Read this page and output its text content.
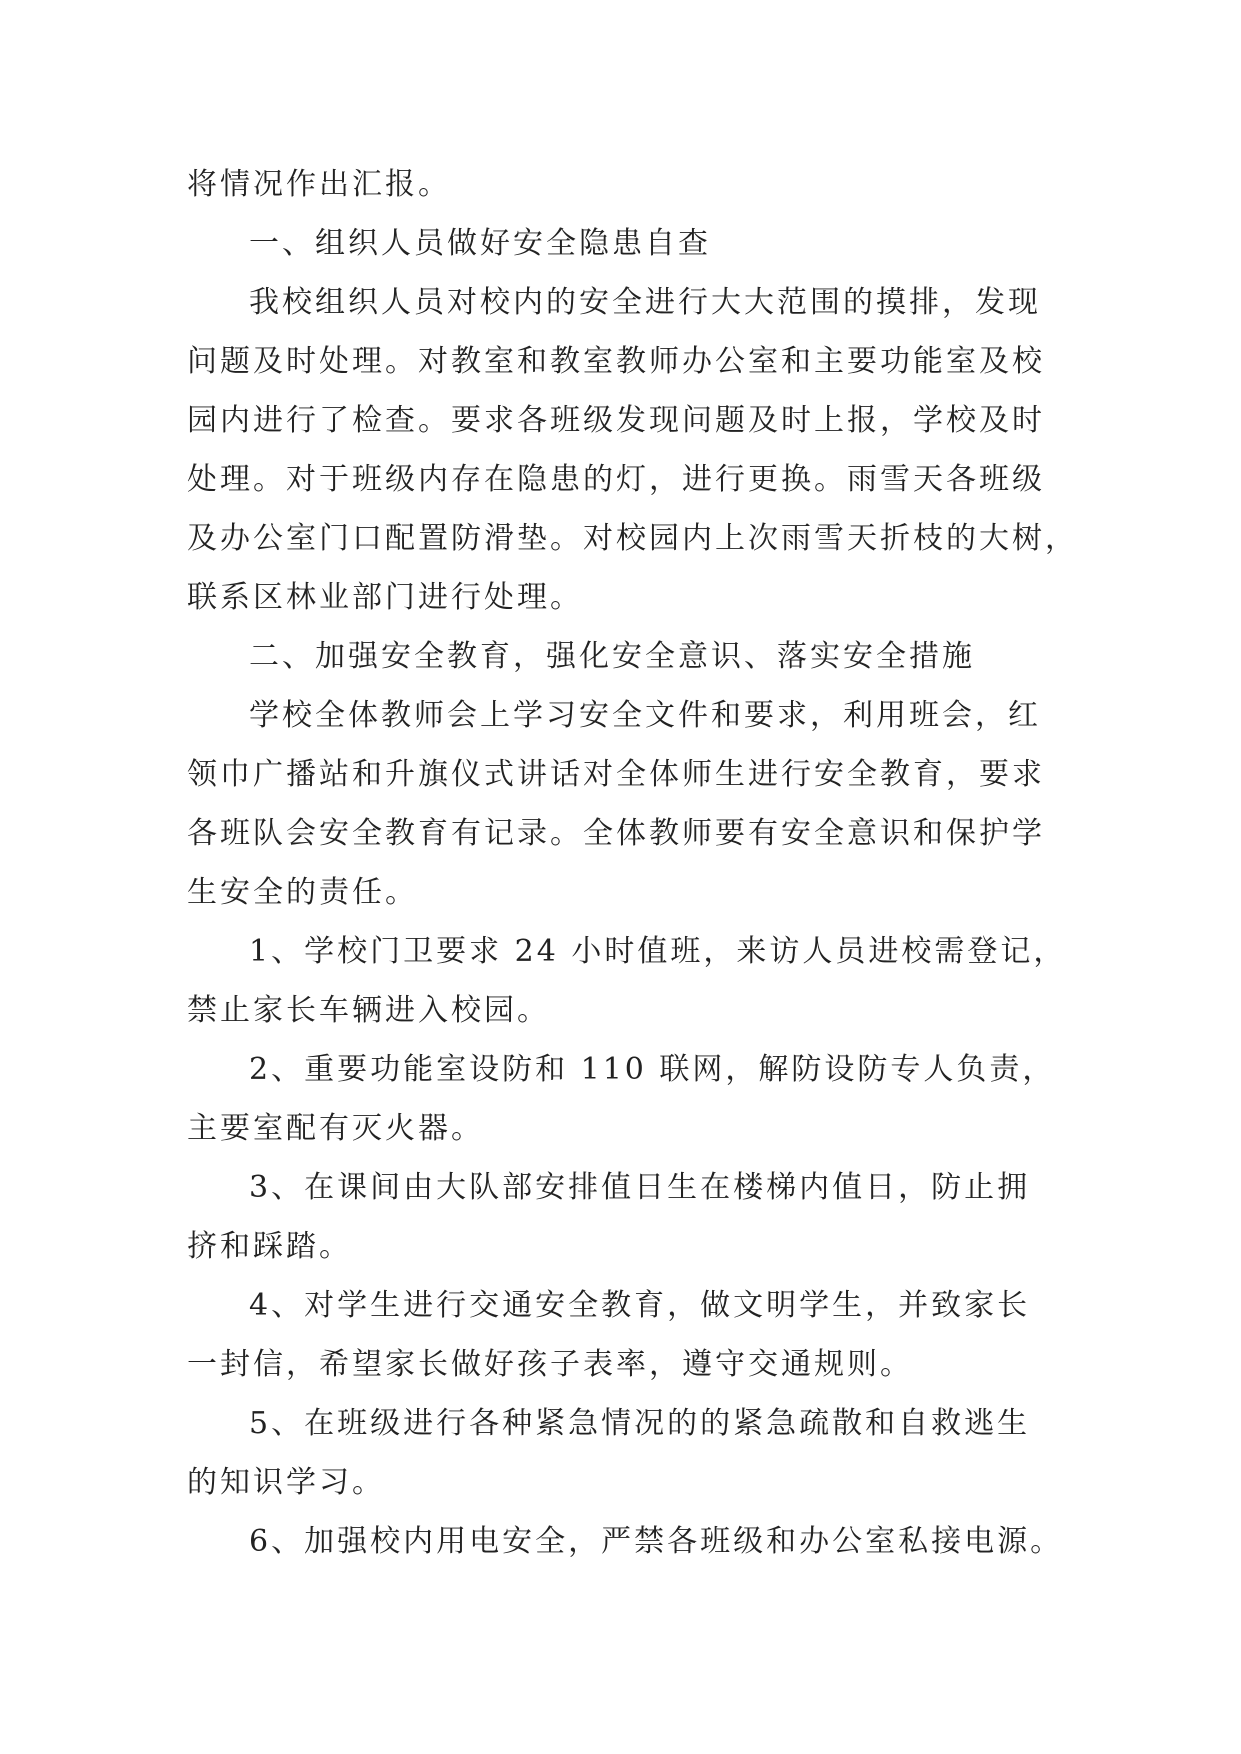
将情况作出汇报。
一、组织人员做好安全隐患自查
我校组织人员对校内的安全进行大大范围的摸排，发现
问题及时处理。对教室和教室教师办公室和主要功能室及校
园内进行了检查。要求各班级发现问题及时上报，学校及时
处理。对于班级内存在隐患的灯，进行更换。雨雪天各班级
及办公室门口配置防滑垫。对校园内上次雨雪天折枝的大树，
联系区林业部门进行处理。
二、加强安全教育，强化安全意识、落实安全措施
学校全体教师会上学习安全文件和要求，利用班会，红
领巾广播站和升旗仪式讲话对全体师生进行安全教育，要求
各班队会安全教育有记录。全体教师要有安全意识和保护学
生安全的责任。
1、学校门卫要求 24 小时值班，来访人员进校需登记，
禁止家长车辆进入校园。
2、重要功能室设防和 110 联网，解防设防专人负责，
主要室配有灭火器。
3、在课间由大队部安排值日生在楼梯内值日，防止拥
挤和踩踏。
4、对学生进行交通安全教育，做文明学生，并致家长
一封信，希望家长做好孩子表率，遵守交通规则。
5、在班级进行各种紧急情况的的紧急疏散和自救逃生
的知识学习。
6、加强校内用电安全，严禁各班级和办公室私接电源。
